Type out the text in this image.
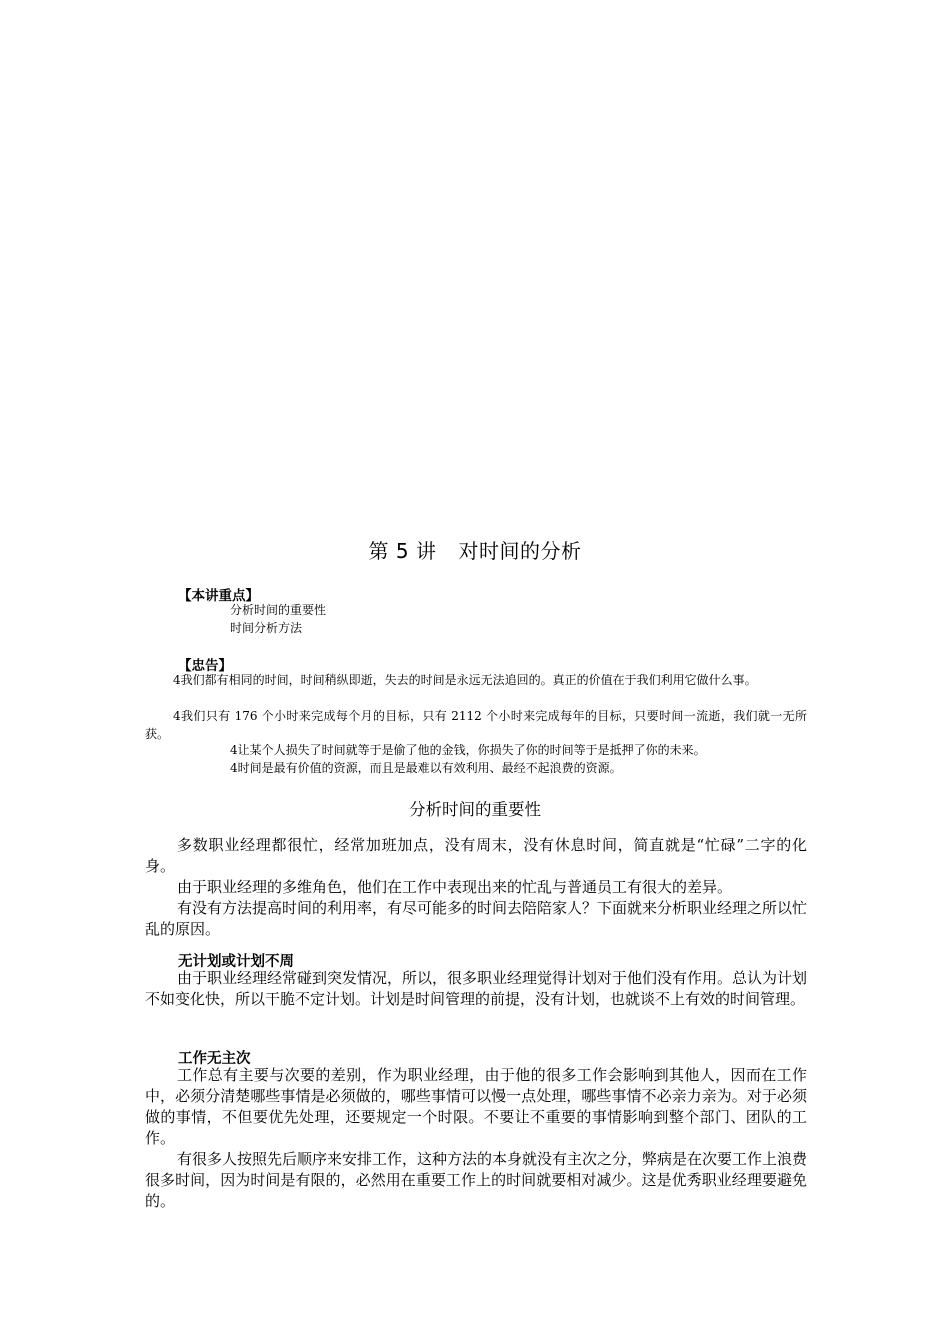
第 5 讲 对时间的分析
【本讲重点】
分析时间的重要性
时间分析方法
【忠告】
4我们都有相同的时间，时间稍纵即逝，失去的时间是永远无法追回的。真正的价值在于我们利用它做什么事。
4我们只有 176 个小时来完成每个月的目标，只有 2112 个小时来完成每年的目标，只要时间一流逝，我们就一无所获。
4让某个人损失了时间就等于是偷了他的金钱，你损失了你的时间等于是抵押了你的未来。
4时间是最有价值的资源，而且是最难以有效利用、最经不起浪费的资源。
分析时间的重要性

多数职业经理都很忙，经常加班加点，没有周末，没有休息时间，简直就是“忙碌”二字的化身。

由于职业经理的多维角色，他们在工作中表现出来的忙乱与普通员工有很大的差异。

有没有方法提高时间的利用率，有尽可能多的时间去陪陪家人？下面就来分析职业经理之所以忙乱的原因。

无计划或计划不周

由于职业经理经常碰到突发情况，所以，很多职业经理觉得计划对于他们没有作用。总认为计划不如变化快，所以干脆不定计划。计划是时间管理的前提，没有计划，也就谈不上有效的时间管理。

工作无主次

工作总有主要与次要的差别，作为职业经理，由于他的很多工作会影响到其他人，因而在工作中，必须分清楚哪些事情是必须做的，哪些事情可以慢一点处理，哪些事情不必亲力亲为。对于必须做的事情，不但要优先处理，还要规定一个时限。不要让不重要的事情影响到整个部门、团队的工作。

有很多人按照先后顺序来安排工作，这种方法的本身就没有主次之分，弊病是在次要工作上浪费很多时间，因为时间是有限的，必然用在重要工作上的时间就要相对减少。这是优秀职业经理要避免的。
